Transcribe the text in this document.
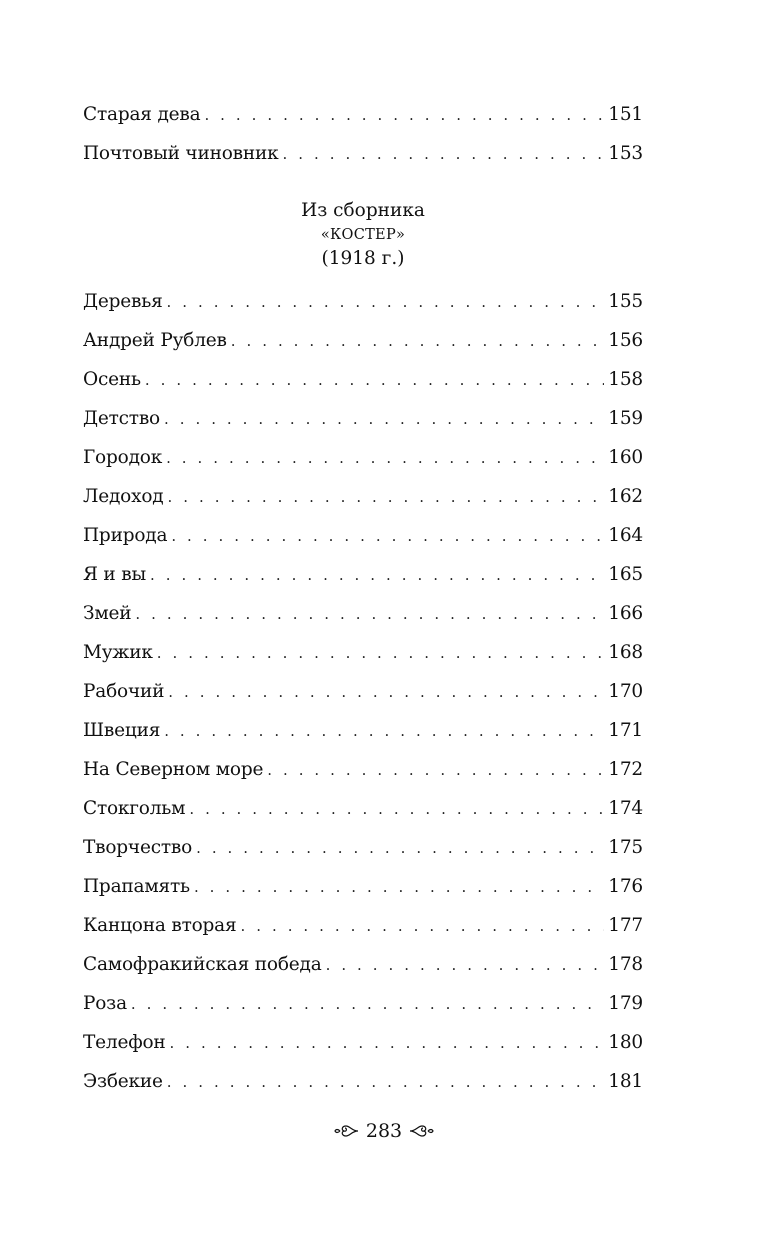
Старая дева . . .	151
Почтовый чиновник . . .	153
Из сборника
«КОСТЕР»
(1918 г.)
Деревья . . .	155
Андрей Рублев . . .	156
Осень . . .	158
Детство . . .	159
Городок . . .	160
Ледоход . . .	162
Природа . . .	164
Я и вы . . .	165
Змей . . .	166
Мужик . . .	168
Рабочий . . .	170
Швеция . . .	171
На Северном море . . .	172
Стокгольм . . .	174
Творчество . . .	175
Прапамять . . .	176
Канцона вторая . . .	177
Самофракийская победа . . .	178
Роза . . .	179
Телефон . . .	180
Эзбекие . . .	181
283
